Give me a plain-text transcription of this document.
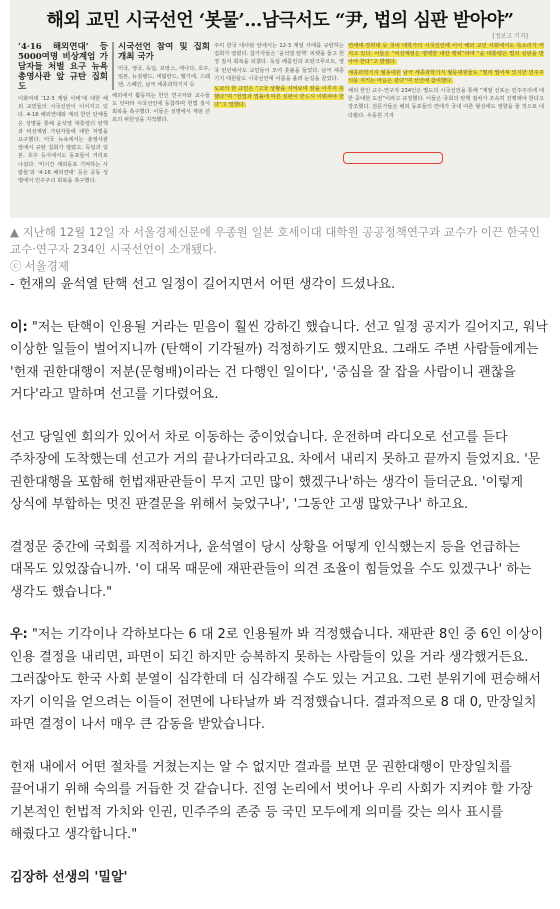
해외 교민 시국선언 ‘봇물’…남극서도 “尹, 법의 심판 받아야”
[정보고 기자]
‘4·16 해외연대’ 등 5000여명 비상계엄 가담자들 처벌 요구 뉴욕 총영사관 앞 규탄 집회도

이화여대 ‘12·3 계엄 사태’에 대한 해외 교민들의 시국선언이 이어지고 있다. 4·16 해외연대와 재외 한인 단체들은 성명을 통해 윤석열 대통령의 탄핵과 비상계엄 가담자들에 대한 처벌을 요구했다. 미국 뉴욕에서는 총영사관 앞에서 규탄 집회가 열렸고, 독일과 일본, 호주 등지에서도 동포들이 거리로 나섰다. ‘미시간 재외동포 기억하는 사람들’과 ‘4·16 해외연대’ 등은 공동 성명에서 민주주의 회복을 촉구했다.

시국선언 참여 및 집회 개최 국가

미국, 영국, 독일, 프랑스, 캐나다, 호주, 일본, 뉴질랜드, 네덜란드, 벨기에, 스웨덴, 스페인, 남극 세종과학기지 등

해외에서 활동하는 한인 연구자와 교수들도 잇따라 시국선언에 동참하며 헌법 질서 회복을 촉구했다. 이들은 성명에서 계엄 선포의 위헌성을 지적했다.

주미 한국 대사관 앞에서는 12·3 계엄 사태를 규탄하는 집회가 열렸다. 참가자들은 ‘윤석열 탄핵’ 피켓을 들고 헌정 질서 회복을 외쳤다. 독일 베를린과 프랑크푸르트, 영국 런던에서도 교민들이 모여 촛불을 들었다. 남극 세종기지 대원들도 시국선언에 이름을 올려 눈길을 끌었다.

도쿄의 한 교민은 “고국 상황을 지켜보며 잠을 이루지 못했다”며 “헌법과 법률에 따른 심판이 반드시 이뤄져야 한다”고 말했다.

연세대·경희대 등 국내 대학가의 시국선언에 이어 해외 교민 사회에서도 목소리가 커지고 있다. 이들은 “비상계엄은 명백한 내란 행위”라며 “윤 대통령은 법의 심판을 받아야 한다”고 밝혔다.

세종과학기지 월동대원 남극 세종과학기지 월동대원들도 “멀리 떨어져 있지만 민주주의를 지키는 마음은 같다”며 선언에 참여했다.

해외 한인 교수·연구자 234인은 별도의 시국선언을 통해 “계엄 선포는 민주주의에 대한 중대한 도전”이라고 규정했다. 이들은 국회의 탄핵 절차가 조속히 진행돼야 한다고 강조했다. 전문가들은 해외 동포들의 연대가 국내 여론 형성에도 영향을 줄 것으로 내다봤다. 우동원 기자

▲ 지난해 12월 12일 자 서울경제신문에 우종원 일본 호세이대 대학원 공공정책연구과 교수가 이끈 한국인 교수·연구자 234인 시국선언이 소개됐다.
ⓒ 서울경제

- 헌재의 윤석열 탄핵 선고 일정이 길어지면서 어떤 생각이 드셨나요.

이: "저는 탄핵이 인용될 거라는 믿음이 훨씬 강하긴 했습니다. 선고 일정 공지가 길어지고, 워낙 이상한 일들이 벌어지니까 (탄핵이 기각될까) 걱정하기도 했지만요. 그래도 주변 사람들에게는 '헌재 권한대행이 저분(문형배)이라는 건 다행인 일이다', '중심을 잘 잡을 사람이니 괜찮을 거다'라고 말하며 선고를 기다렸어요.

선고 당일엔 회의가 있어서 차로 이동하는 중이었습니다. 운전하며 라디오로 선고를 듣다 주차장에 도착했는데 선고가 거의 끝나가더라고요. 차에서 내리지 못하고 끝까지 들었지요. '문 권한대행을 포함해 헌법재판관들이 무지 고민 많이 했겠구나'하는 생각이 들더군요. '이렇게 상식에 부합하는 멋진 판결문을 위해서 늦었구나', '그동안 고생 많았구나' 하고요.

결정문 중간에 국회를 지적하거나, 윤석열이 당시 상황을 어떻게 인식했는지 등을 언급하는 대목도 있었잖습니까. '이 대목 때문에 재판관들이 의견 조율이 힘들었을 수도 있겠구나' 하는 생각도 했습니다."

우: "저는 기각이나 각하보다는 6 대 2로 인용될까 봐 걱정했습니다. 재판관 8인 중 6인 이상이 인용 결정을 내리면, 파면이 되긴 하지만 승복하지 못하는 사람들이 있을 거라 생각했거든요. 그러잖아도 한국 사회 분열이 심각한데 더 심각해질 수도 있는 거고요. 그런 분위기에 편승해서 자기 이익을 얻으려는 이들이 전면에 나타날까 봐 걱정했습니다. 결과적으로 8 대 0, 만장일치 파면 결정이 나서 매우 큰 감동을 받았습니다.

헌재 내에서 어떤 절차를 거쳤는지는 알 수 없지만 결과를 보면 문 권한대행이 만장일치를 끌어내기 위해 숙의를 거듭한 것 같습니다. 진영 논리에서 벗어나 우리 사회가 지켜야 할 가장 기본적인 헌법적 가치와 인권, 민주주의 존중 등 국민 모두에게 의미를 갖는 의사 표시를 해줬다고 생각합니다."

김장하 선생의 '밀알'
